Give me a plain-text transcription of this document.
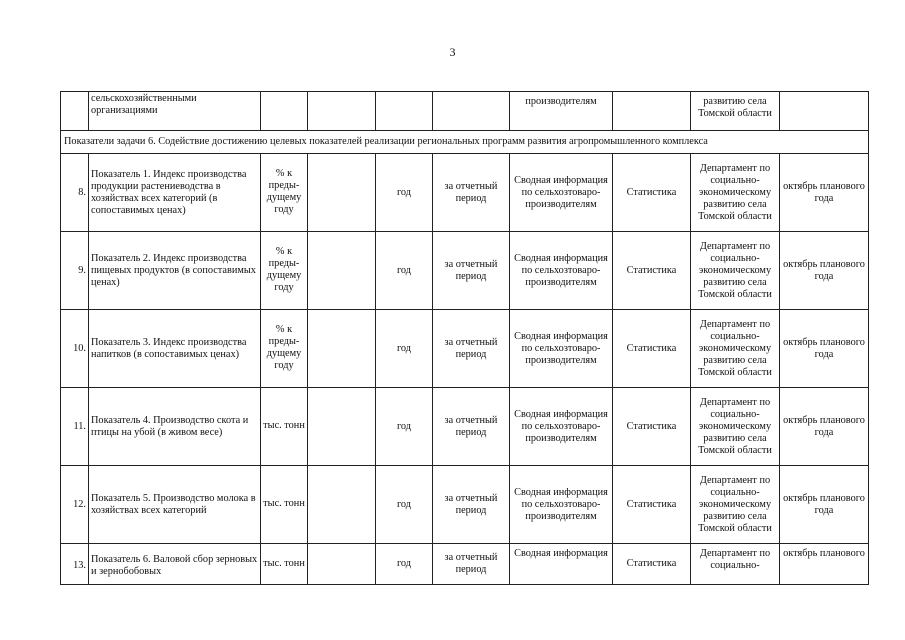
3
	сельскохозяйственными организациями					производителям		развитию села Томской области	
Показатели задачи 6. Содействие достижению целевых показателей реализации региональных программ развития агропромышленного комплекса									
8.	Показатель 1. Индекс производства продукции растениеводства в хозяйствах всех категорий (в сопоставимых ценах)	% к преды-дущему году		год	за отчетный период	Сводная информация по сельхозтоваро-производителям	Статистика	Департамент по социально-экономическому развитию села Томской области	октябрь планового года
9.	Показатель 2. Индекс производства пищевых продуктов (в сопоставимых ценах)	% к преды-дущему году		год	за отчетный период	Сводная информация по сельхозтоваро-производителям	Статистика	Департамент по социально-экономическому развитию села Томской области	октябрь планового года
10.	Показатель 3. Индекс производства напитков (в сопоставимых ценах)	% к преды-дущему году		год	за отчетный период	Сводная информация по сельхозтоваро-производителям	Статистика	Департамент по социально-экономическому развитию села Томской области	октябрь планового года
11.	Показатель 4. Производство скота и птицы на убой (в живом весе)	тыс. тонн		год	за отчетный период	Сводная информация по сельхозтоваро-производителям	Статистика	Департамент по социально-экономическому развитию села Томской области	октябрь планового года
12.	Показатель 5. Производство молока в хозяйствах всех категорий	тыс. тонн		год	за отчетный период	Сводная информация по сельхозтоваро-производителям	Статистика	Департамент по социально-экономическому развитию села Томской области	октябрь планового года
13.	Показатель 6. Валовой сбор зерновых и зернобобовых	тыс. тонн		год	за отчетный период	Сводная информация	Статистика	Департамент по социально-	октябрь планового
